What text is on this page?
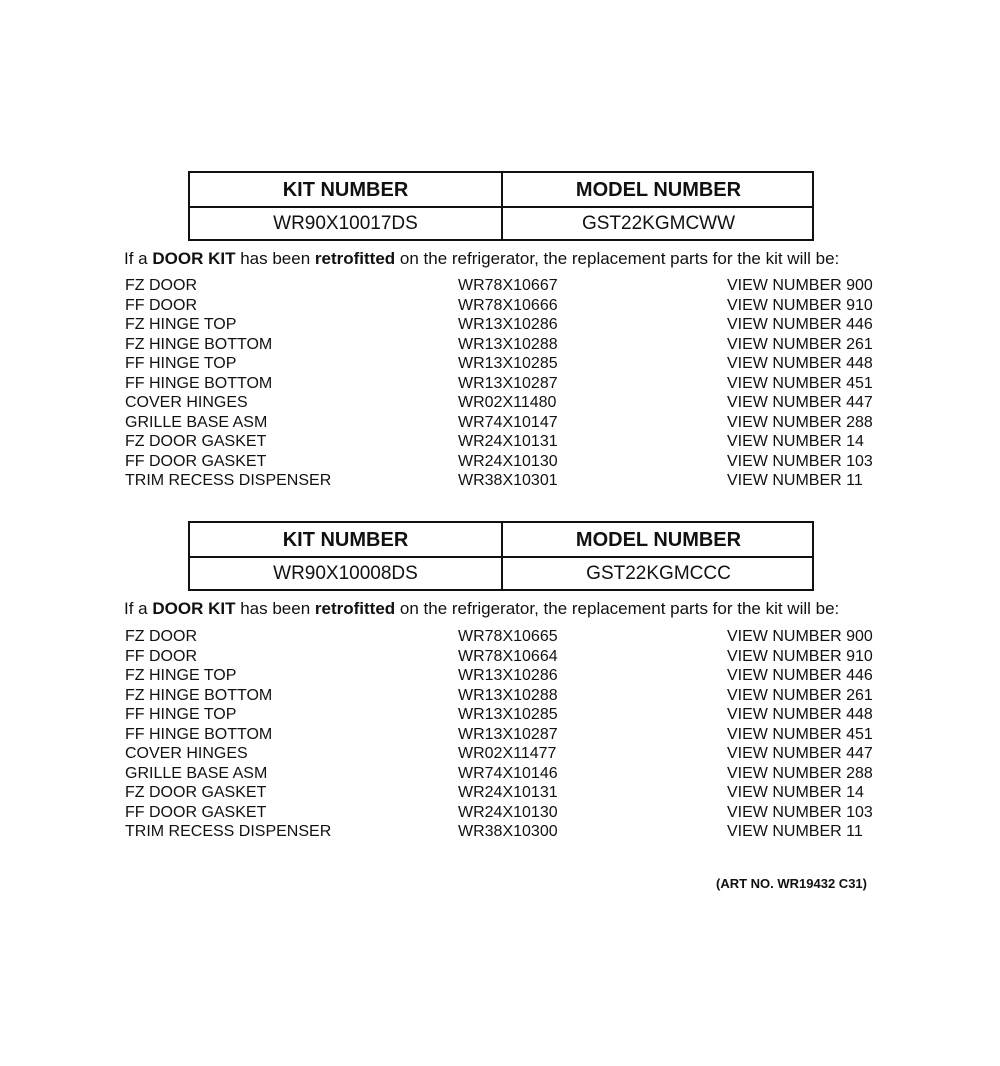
KIT NUMBER	MODEL NUMBER
WR90X10017DS	GST22KGMCWW
If a DOOR KIT has been retrofitted on the refrigerator, the replacement parts for the kit will be:
FZ DOOR	WR78X10667	VIEW NUMBER 900
FF DOOR	WR78X10666	VIEW NUMBER 910
FZ HINGE TOP	WR13X10286	VIEW NUMBER 446
FZ HINGE BOTTOM	WR13X10288	VIEW NUMBER 261
FF HINGE TOP	WR13X10285	VIEW NUMBER 448
FF HINGE BOTTOM	WR13X10287	VIEW NUMBER 451
COVER HINGES	WR02X11480	VIEW NUMBER 447
GRILLE BASE ASM	WR74X10147	VIEW NUMBER 288
FZ DOOR GASKET	WR24X10131	VIEW NUMBER 14
FF DOOR GASKET	WR24X10130	VIEW NUMBER 103
TRIM RECESS DISPENSER	WR38X10301	VIEW NUMBER 11
KIT NUMBER	MODEL NUMBER
WR90X10008DS	GST22KGMCCC
If a DOOR KIT has been retrofitted on the refrigerator, the replacement parts for the kit will be:
FZ DOOR	WR78X10665	VIEW NUMBER 900
FF DOOR	WR78X10664	VIEW NUMBER 910
FZ HINGE TOP	WR13X10286	VIEW NUMBER 446
FZ HINGE BOTTOM	WR13X10288	VIEW NUMBER 261
FF HINGE TOP	WR13X10285	VIEW NUMBER 448
FF HINGE BOTTOM	WR13X10287	VIEW NUMBER 451
COVER HINGES	WR02X11477	VIEW NUMBER 447
GRILLE BASE ASM	WR74X10146	VIEW NUMBER 288
FZ DOOR GASKET	WR24X10131	VIEW NUMBER 14
FF DOOR GASKET	WR24X10130	VIEW NUMBER 103
TRIM RECESS DISPENSER	WR38X10300	VIEW NUMBER 11
(ART NO. WR19432 C31)
